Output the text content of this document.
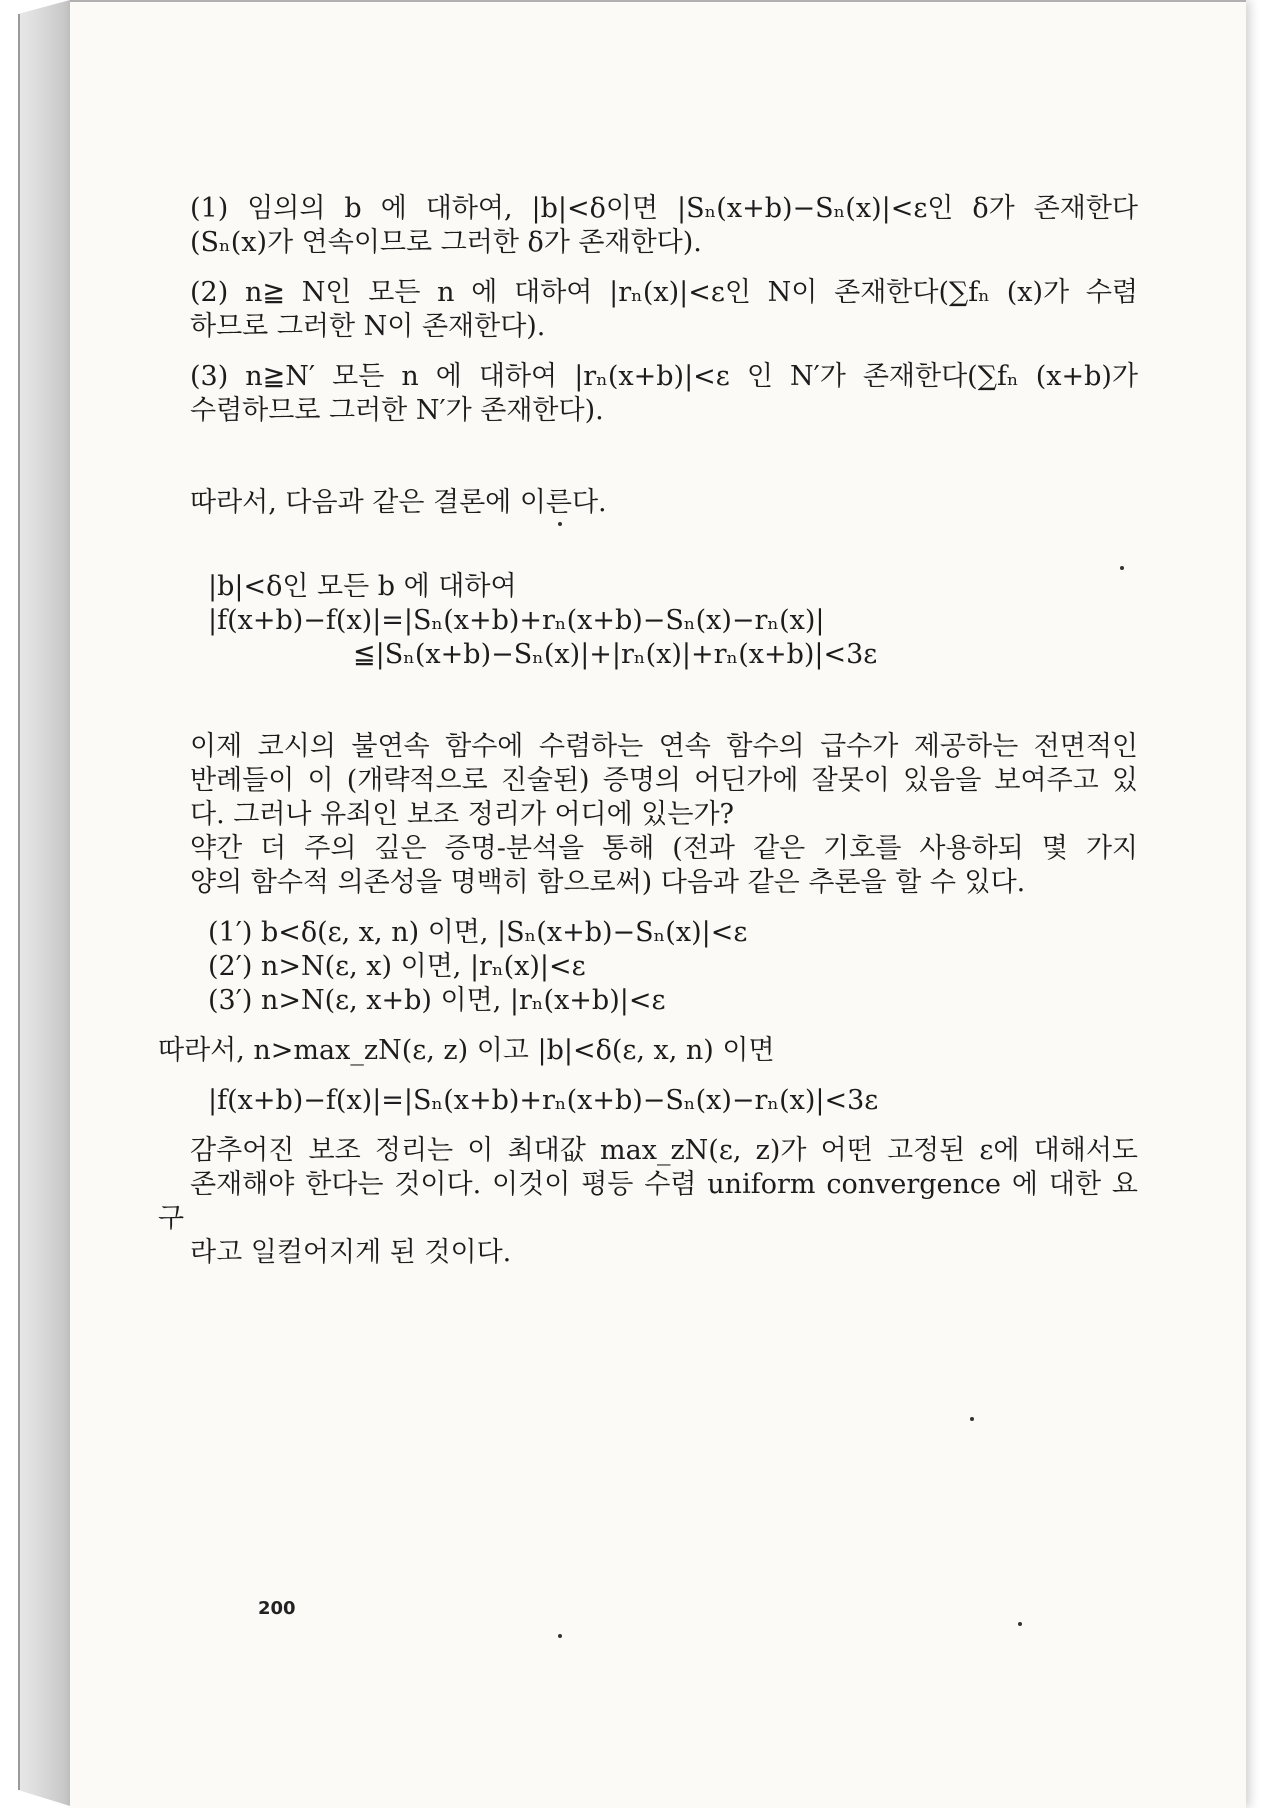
(1) 임의의 b 에 대하여, |b|<δ이면 |Sₙ(x+b)−Sₙ(x)|<ε인 δ가 존재한다
(Sₙ(x)가 연속이므로 그러한 δ가 존재한다).

(2) n≧ N인 모든 n 에 대하여 |rₙ(x)|<ε인 N이 존재한다(∑fₙ (x)가 수렴
하므로 그러한 N이 존재한다).

(3) n≧N′ 모든 n 에 대하여 |rₙ(x+b)|<ε 인 N′가 존재한다(∑fₙ (x+b)가
수렴하므로 그러한 N′가 존재한다).

따라서, 다음과 같은 결론에 이른다.

|b|<δ인 모든 b 에 대하여
|f(x+b)−f(x)|=|Sₙ(x+b)+rₙ(x+b)−Sₙ(x)−rₙ(x)|
≦|Sₙ(x+b)−Sₙ(x)|+|rₙ(x)|+rₙ(x+b)|<3ε

이제 코시의 불연속 함수에 수렴하는 연속 함수의 급수가 제공하는 전면적인
반례들이 이 (개략적으로 진술된) 증명의 어딘가에 잘못이 있음을 보여주고 있
다. 그러나 유죄인 보조 정리가 어디에 있는가?

약간 더 주의 깊은 증명-분석을 통해 (전과 같은 기호를 사용하되 몇 가지
양의 함수적 의존성을 명백히 함으로써) 다음과 같은 추론을 할 수 있다.

(1′) b<δ(ε, x, n) 이면, |Sₙ(x+b)−Sₙ(x)|<ε
(2′) n>N(ε, x) 이면, |rₙ(x)|<ε
(3′) n>N(ε, x+b) 이면, |rₙ(x+b)|<ε

따라서, n>max_zN(ε, z) 이고 |b|<δ(ε, x, n) 이면

|f(x+b)−f(x)|=|Sₙ(x+b)+rₙ(x+b)−Sₙ(x)−rₙ(x)|<3ε

감추어진 보조 정리는 이 최대값 max_zN(ε, z)가 어떤 고정된 ε에 대해서도
존재해야 한다는 것이다. 이것이 평등 수렴 uniform convergence 에 대한 요구
라고 일컬어지게 된 것이다.

200
